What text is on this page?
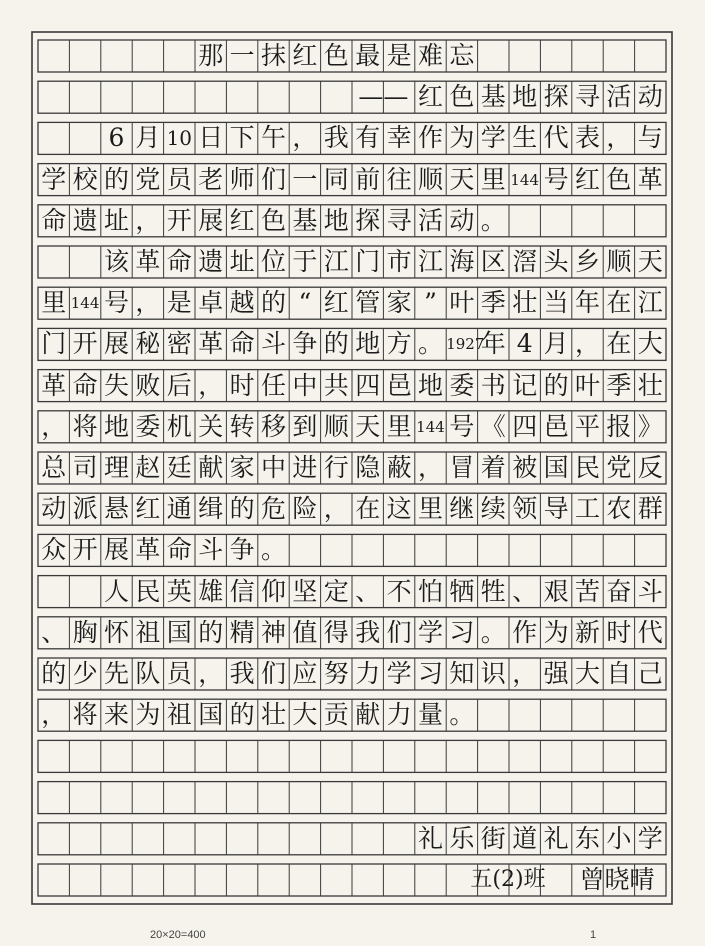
那 一 抹 红 色 最 是 难 忘
—— 红 色 基 地 探 寻 活 动
6 月 10 日 下 午 ， 我 有 幸 作 为 学 生 代 表 ， 与
学 校 的 党 员 老 师 们 一 同 前 往 顺 天 里 144 号 红 色 革
命 遗 址 ， 开 展 红 色 基 地 探 寻 活 动 。
该 革 命 遗 址 位 于 江 门 市 江 海 区 滘 头 乡 顺 天
里 144 号 ， 是 卓 越 的 “ 红 管 家 ” 叶 季 壮 当 年 在 江
门 开 展 秘 密 革 命 斗 争 的 地 方 。 1927
年 4 月 ， 在 大
革 命 失 败 后 ， 时 任 中 共 四 邑 地 委 书 记 的 叶 季 壮
， 将 地 委 机 关 转 移 到 顺 天 里 144 号 《 四 邑 平 报 》
总 司 理 赵 廷 献 家 中 进 行 隐 蔽 ， 冒 着 被 国 民 党 反
动 派 悬 红 通 缉 的 危 险 ， 在 这 里 继 续 领 导 工 农 群
众 开 展 革 命 斗 争 。
人 民 英 雄 信 仰 坚 定 、 不 怕 牺 牲 、 艰 苦 奋 斗
、 胸 怀 祖 国 的 精 神 值 得 我 们 学 习 。 作 为 新 时 代
的 少 先 队 员 ， 我 们 应 努 力 学 习 知 识 ， 强 大 自 己
， 将 来 为 祖 国 的 壮 大 贡 献 力 量 。
礼 乐 街 道 礼 东 小 学
五(2)班	曾晓晴
20×20=400	1
